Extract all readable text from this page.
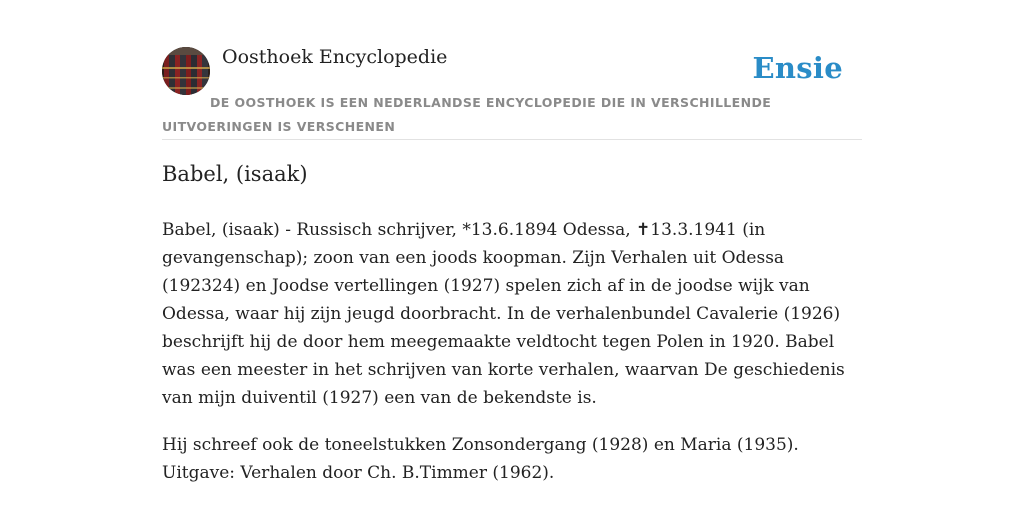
Oosthoek Encyclopedie	Ensie
DE OOSTHOEK IS EEN NEDERLANDSE ENCYCLOPEDIE DIE IN VERSCHILLENDE UITVOERINGEN IS VERSCHENEN
Babel, (isaak)

Babel, (isaak) - Russisch schrijver, *13.6.1894 Odessa, ✝13.3.1941 (in gevangenschap); zoon van een joods koopman. Zijn Verhalen uit Odessa (192324) en Joodse vertellingen (1927) spelen zich af in de joodse wijk van Odessa, waar hij zijn jeugd doorbracht. In de verhalenbundel Cavalerie (1926) beschrijft hij de door hem meegemaakte veldtocht tegen Polen in 1920. Babel was een meester in het schrijven van korte verhalen, waarvan De geschiedenis van mijn duiventil (1927) een van de bekendste is.

Hij schreef ook de toneelstukken Zonsondergang (1928) en Maria (1935). Uitgave: Verhalen door Ch. B.Timmer (1962).
